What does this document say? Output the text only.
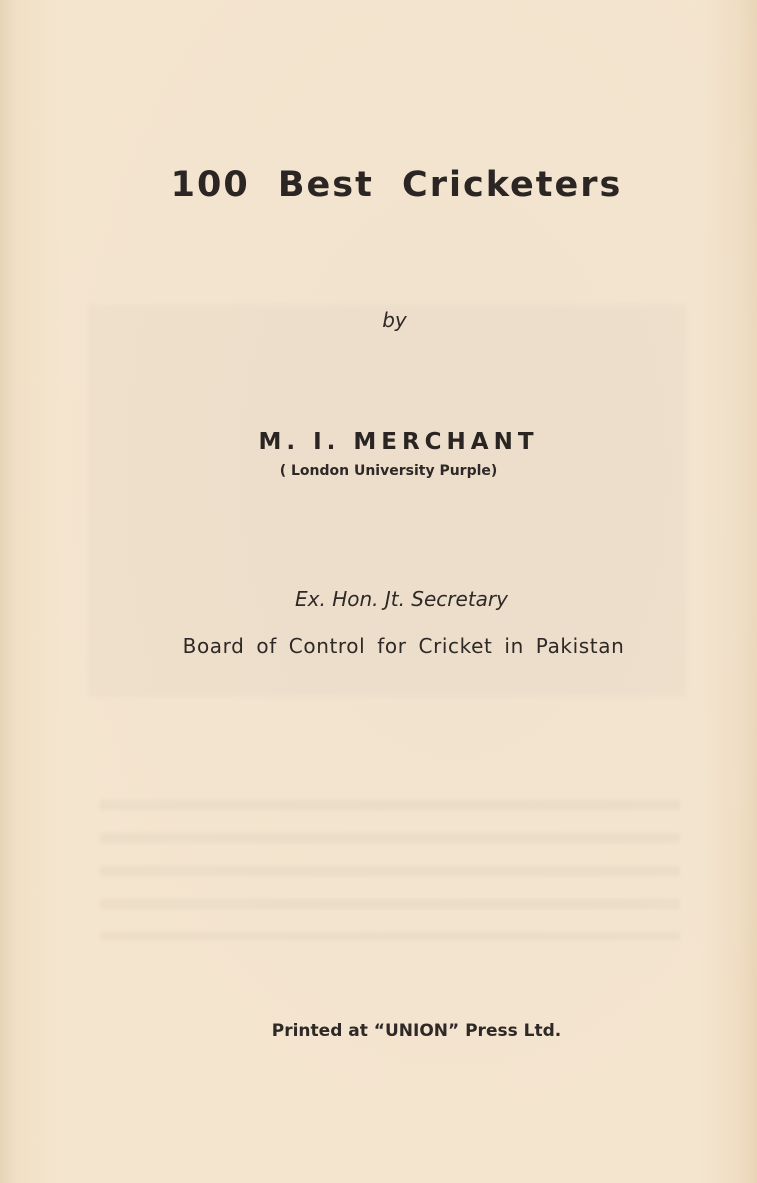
100 Best Cricketers
by
M. I. MERCHANT
( London University Purple)
Ex. Hon. Jt. Secretary
Board of Control for Cricket in Pakistan
Printed at “UNION” Press Ltd.
